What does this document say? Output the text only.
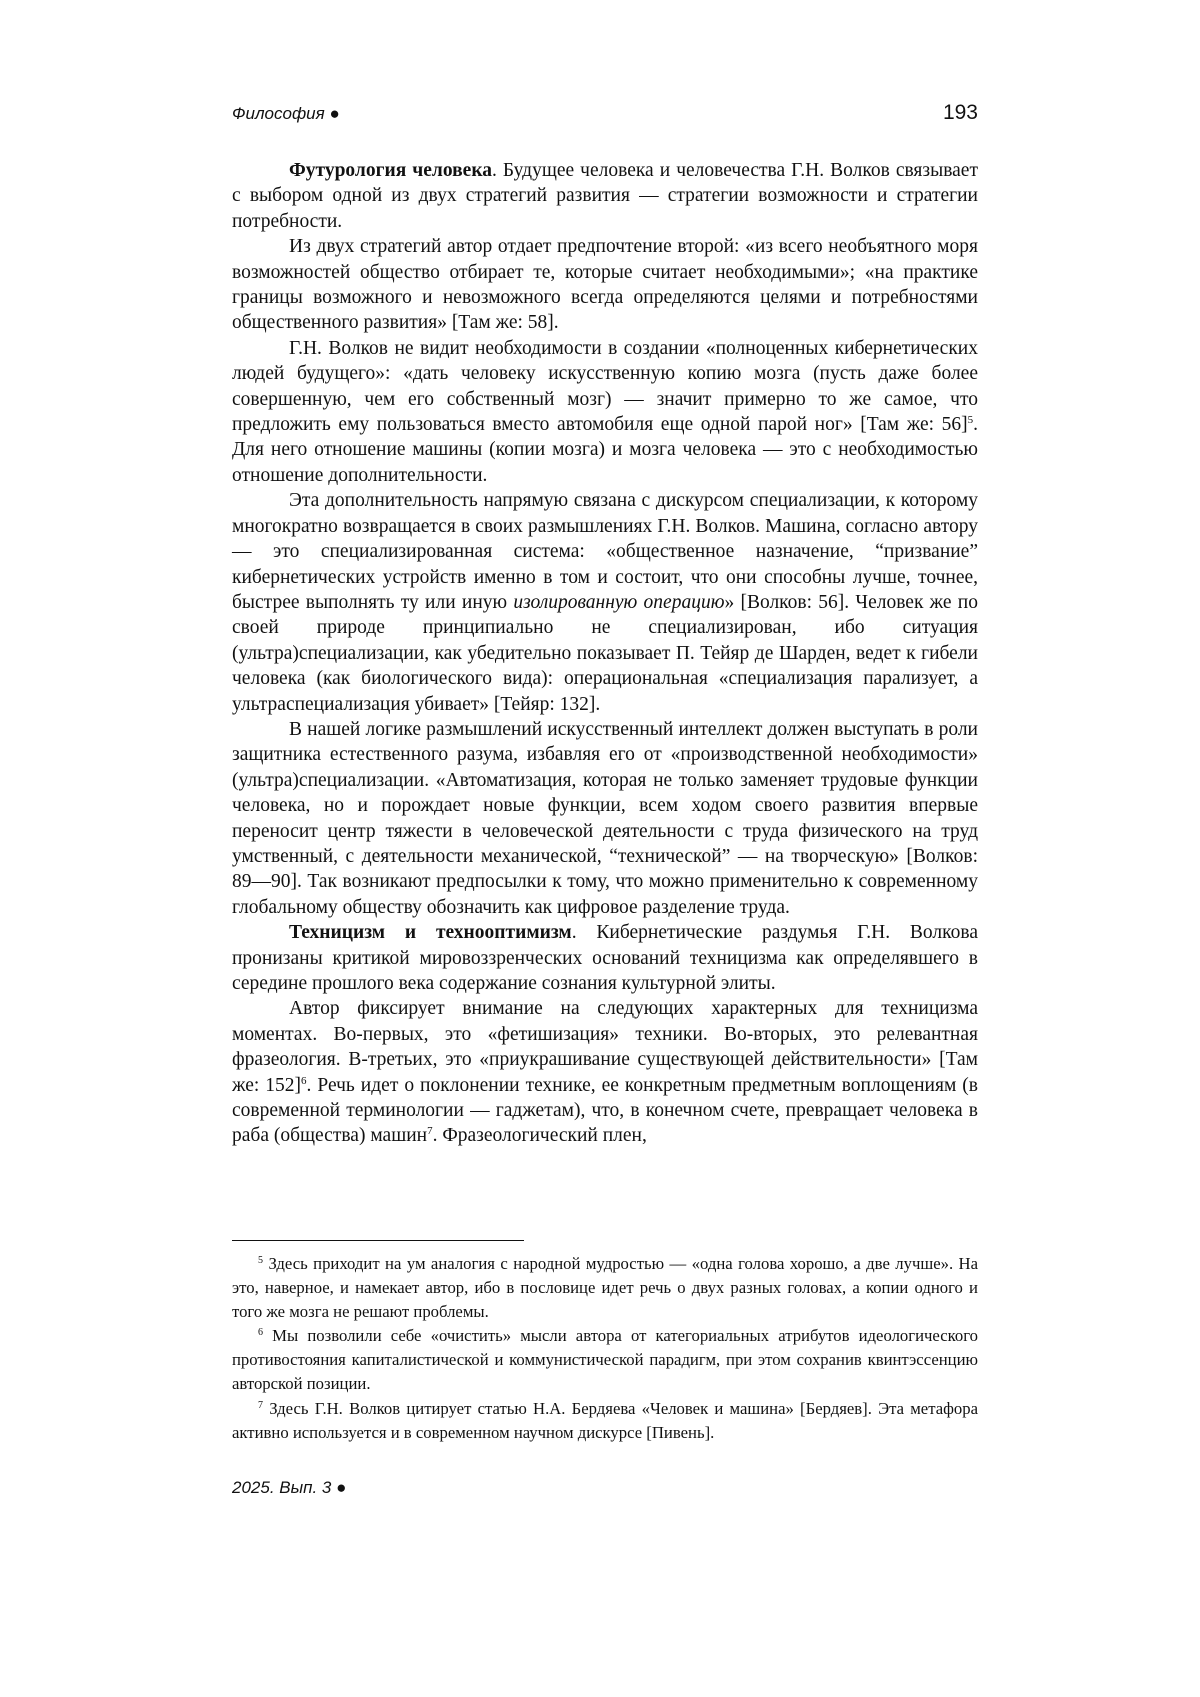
Философия ●	193

Футурология человека. Будущее человека и человечества Г.Н. Волков связывает с выбором одной из двух стратегий развития — стратегии возможности и стратегии потребности.

Из двух стратегий автор отдает предпочтение второй: «из всего необъятного моря возможностей общество отбирает те, которые считает необходимыми»; «на практике границы возможного и невозможного всегда определяются целями и потребностями общественного развития» [Там же: 58].

Г.Н. Волков не видит необходимости в создании «полноценных кибернетических людей будущего»: «дать человеку искусственную копию мозга (пусть даже более совершенную, чем его собственный мозг) — значит примерно то же самое, что предложить ему пользоваться вместо автомобиля еще одной парой ног» [Там же: 56]5. Для него отношение машины (копии мозга) и мозга человека — это с необходимостью отношение дополнительности.

Эта дополнительность напрямую связана с дискурсом специализации, к которому многократно возвращается в своих размышлениях Г.Н. Волков. Машина, согласно автору — это специализированная система: «общественное назначение, “призвание” кибернетических устройств именно в том и состоит, что они способны лучше, точнее, быстрее выполнять ту или иную изолированную операцию» [Волков: 56]. Человек же по своей природе принципиально не специализирован, ибо ситуация (ультра)специализации, как убедительно показывает П. Тейяр де Шарден, ведет к гибели человека (как биологического вида): операциональная «специализация парализует, а ультраспециализация убивает» [Тейяр: 132].

В нашей логике размышлений искусственный интеллект должен выступать в роли защитника естественного разума, избавляя его от «производственной необходимости» (ультра)специализации. «Автоматизация, которая не только заменяет трудовые функции человека, но и порождает новые функции, всем ходом своего развития впервые переносит центр тяжести в человеческой деятельности с труда физического на труд умственный, с деятельности механической, “технической” — на творческую» [Волков: 89—90]. Так возникают предпосылки к тому, что можно применительно к современному глобальному обществу обозначить как цифровое разделение труда.

Техницизм и технооптимизм. Кибернетические раздумья Г.Н. Волкова пронизаны критикой мировоззренческих оснований техницизма как определявшего в середине прошлого века содержание сознания культурной элиты.

Автор фиксирует внимание на следующих характерных для техницизма моментах. Во-первых, это «фетишизация» техники. Во-вторых, это релевантная фразеология. В-третьих, это «приукрашивание существующей действительности» [Там же: 152]6. Речь идет о поклонении технике, ее конкретным предметным воплощениям (в современной терминологии — гаджетам), что, в конечном счете, превращает человека в раба (общества) машин7. Фразеологический плен,

5 Здесь приходит на ум аналогия с народной мудростью — «одна голова хорошо, а две лучше». На это, наверное, и намекает автор, ибо в пословице идет речь о двух разных головах, а копии одного и того же мозга не решают проблемы.

6 Мы позволили себе «очистить» мысли автора от категориальных атрибутов идеологического противостояния капиталистической и коммунистической парадигм, при этом сохранив квинтэссенцию авторской позиции.

7 Здесь Г.Н. Волков цитирует статью Н.А. Бердяева «Человек и машина» [Бердяев]. Эта метафора активно используется и в современном научном дискурсе [Пивень].

2025. Вып. 3 ●
